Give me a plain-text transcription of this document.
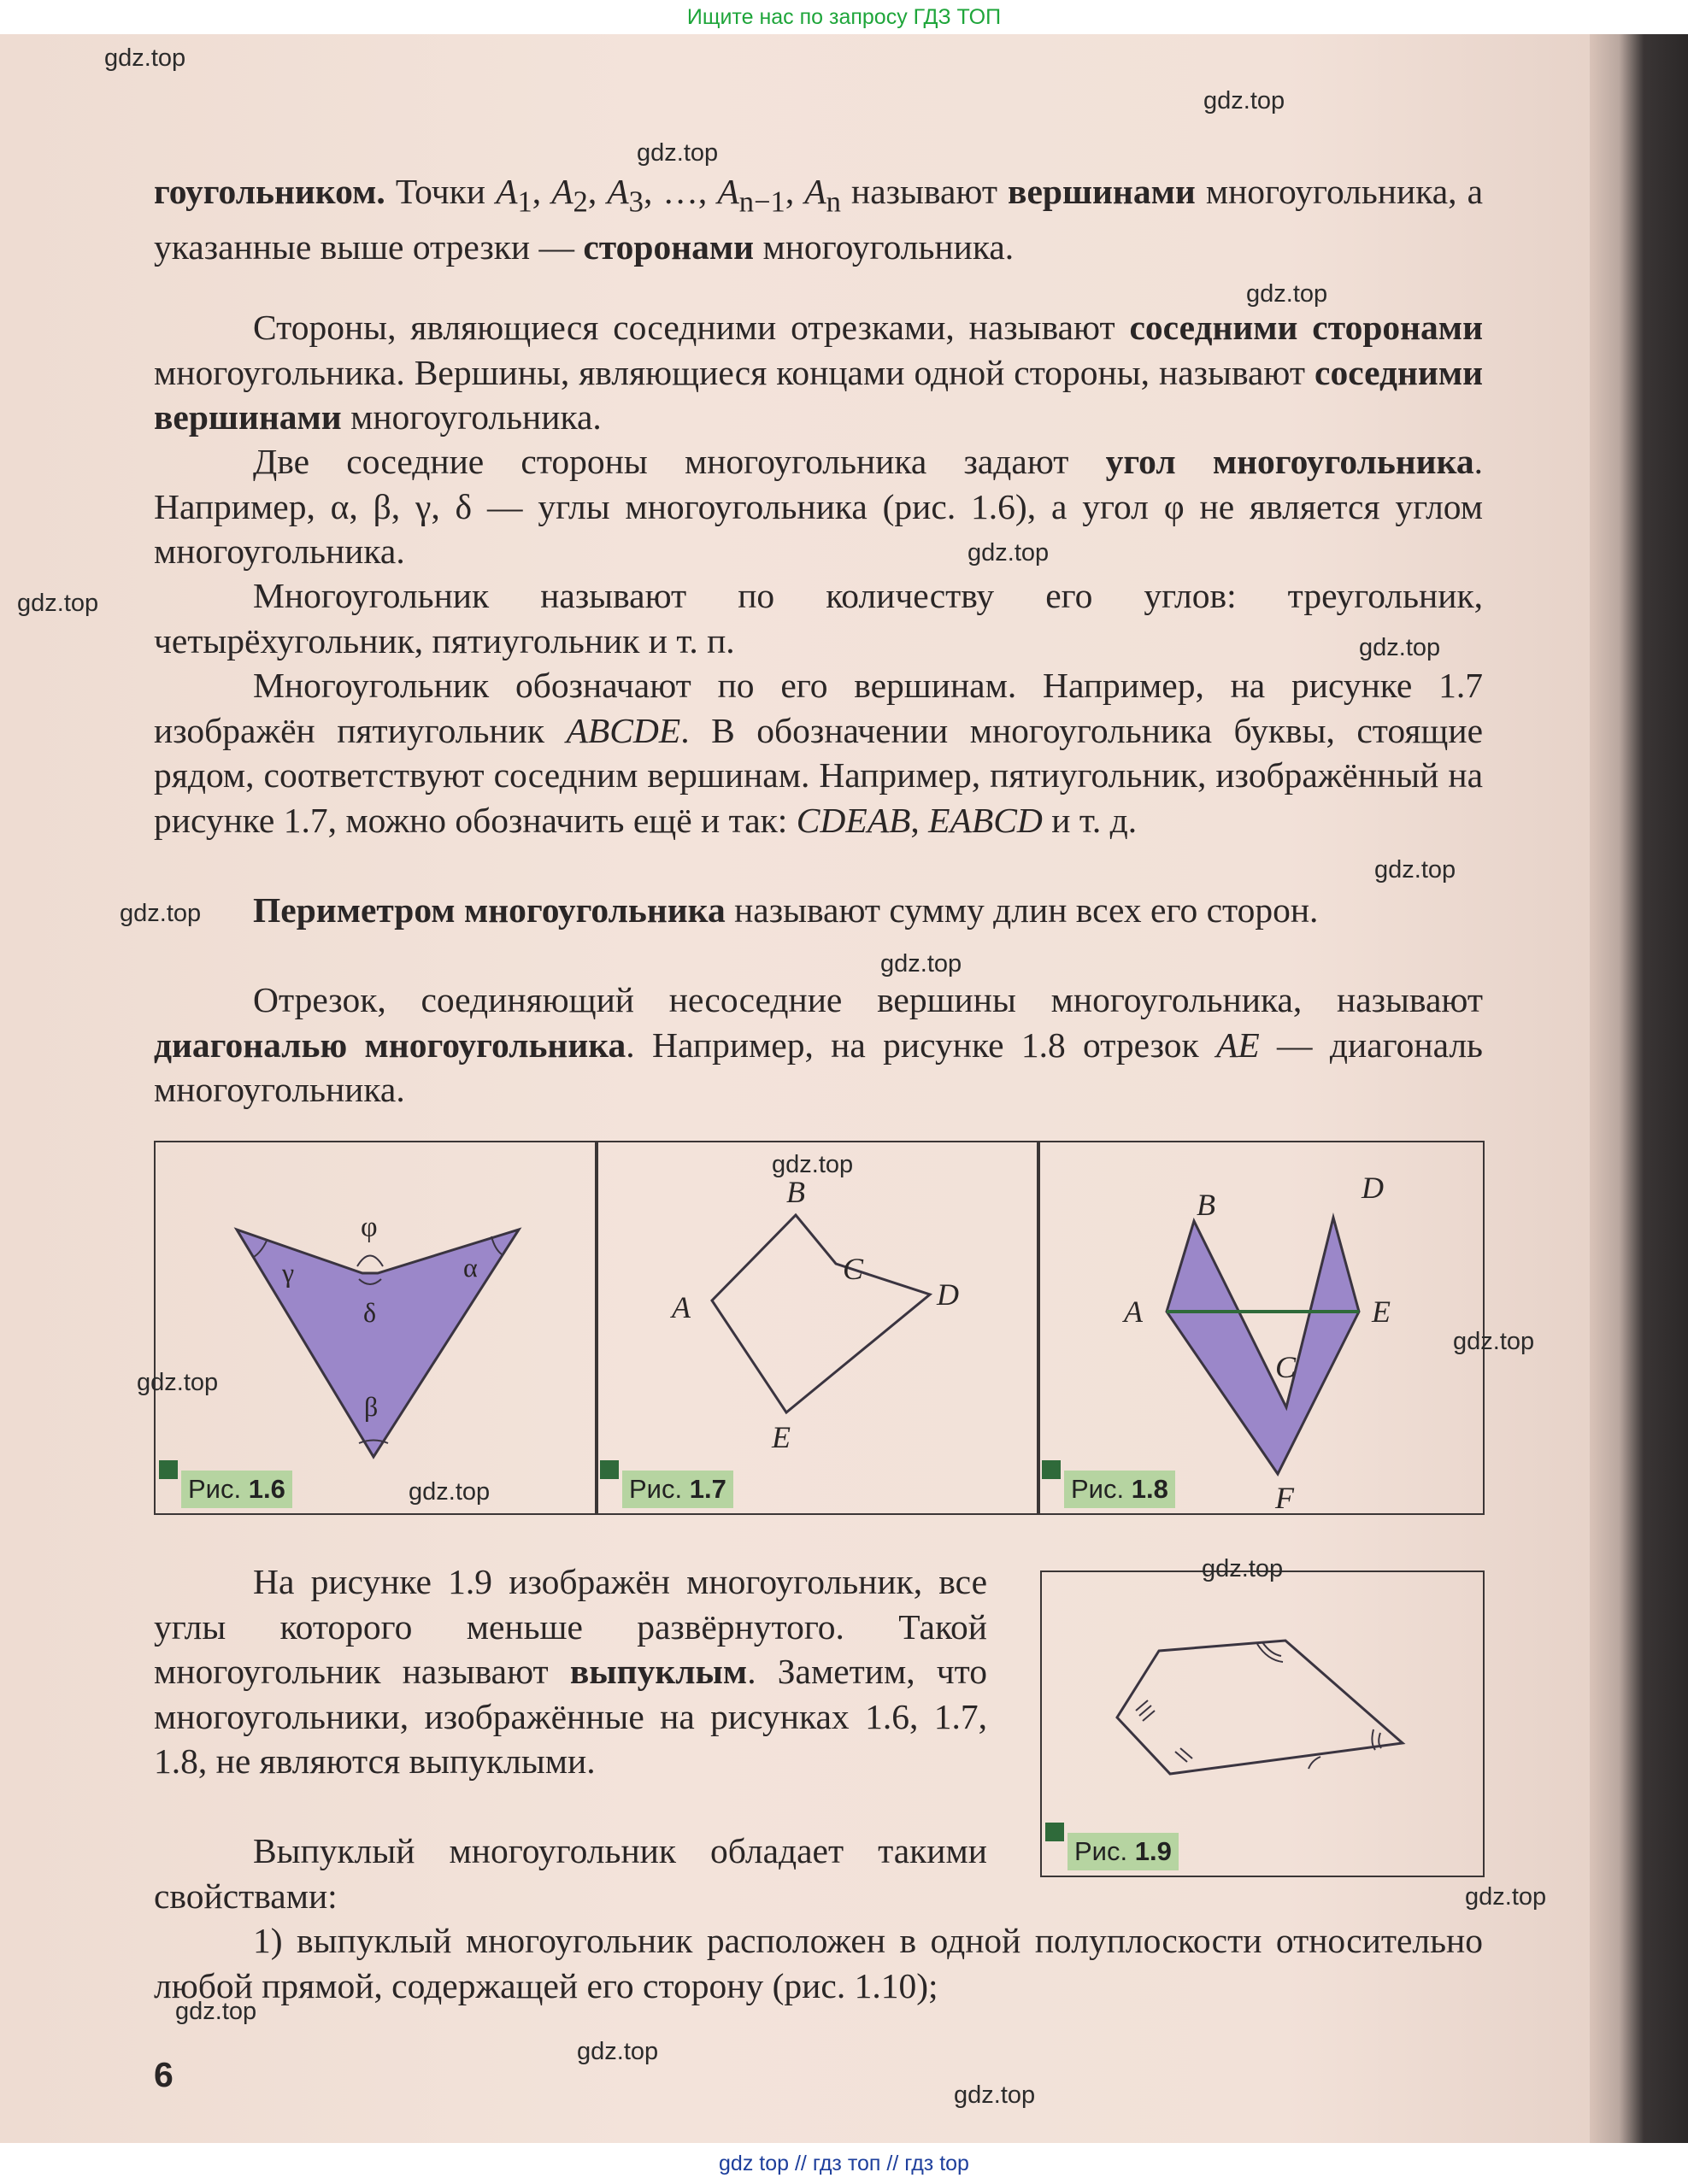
Ищите нас по запросу ГДЗ ТОП

гоугольником. Точки $A_1$, $A_2$, $A_3$, …, $A_{n-1}$, $A_n$ называют вершинами многоугольника, а указанные выше отрезки — сторонами многоугольника.

Стороны, являющиеся соседними отрезками, называют соседними сторонами многоугольника. Вершины, являющиеся концами одной стороны, называют соседними вершинами многоугольника.

Две соседние стороны многоугольника задают угол многоугольника. Например, α, β, γ, δ — углы многоугольника (рис. 1.6), а угол φ не является углом многоугольника.

Многоугольник называют по количеству его углов: треугольник, четырёхугольник, пятиугольник и т. п.

Многоугольник обозначают по его вершинам. Например, на рисунке 1.7 изображён пятиугольник ABCDE. В обозначении многоугольника буквы, стоящие рядом, соответствуют соседним вершинам. Например, пятиугольник, изображённый на рисунке 1.7, можно обозначить ещё и так: CDEAB, EABCD и т. д.

Периметром многоугольника называют сумму длин всех его сторон.

Отрезок, соединяющий несоседние вершины многоугольника, называют диагональю многоугольника. Например, на рисунке 1.8 отрезок AE — диагональ многоугольника.

φ
γ	α
δ
β
Рис. 1.6
A
B
C
D
E
Рис. 1.7
A
B
C
D
E
F
Рис. 1.8

На рисунке 1.9 изображён многоугольник, все углы которого меньше развёрнутого. Такой многоугольник называют выпуклым. Заметим, что многоугольники, изображённые на рисунках 1.6, 1.7, 1.8, не являются выпуклыми.

Выпуклый многоугольник обладает такими свойствами:

Рис. 1.9

1) выпуклый многоугольник расположен в одной полуплоскости относительно любой прямой, содержащей его сторону (рис. 1.10);

6
gdz.top
gdz.top
gdz.top
gdz.top
gdz.top
gdz.top
gdz.top
gdz.top
gdz.top
gdz.top
gdz.top
gdz.top
gdz.top
gdz.top
gdz.top
gdz.top
gdz.top
gdz.top
gdz.top
gdz top // гдз топ // гдз top
